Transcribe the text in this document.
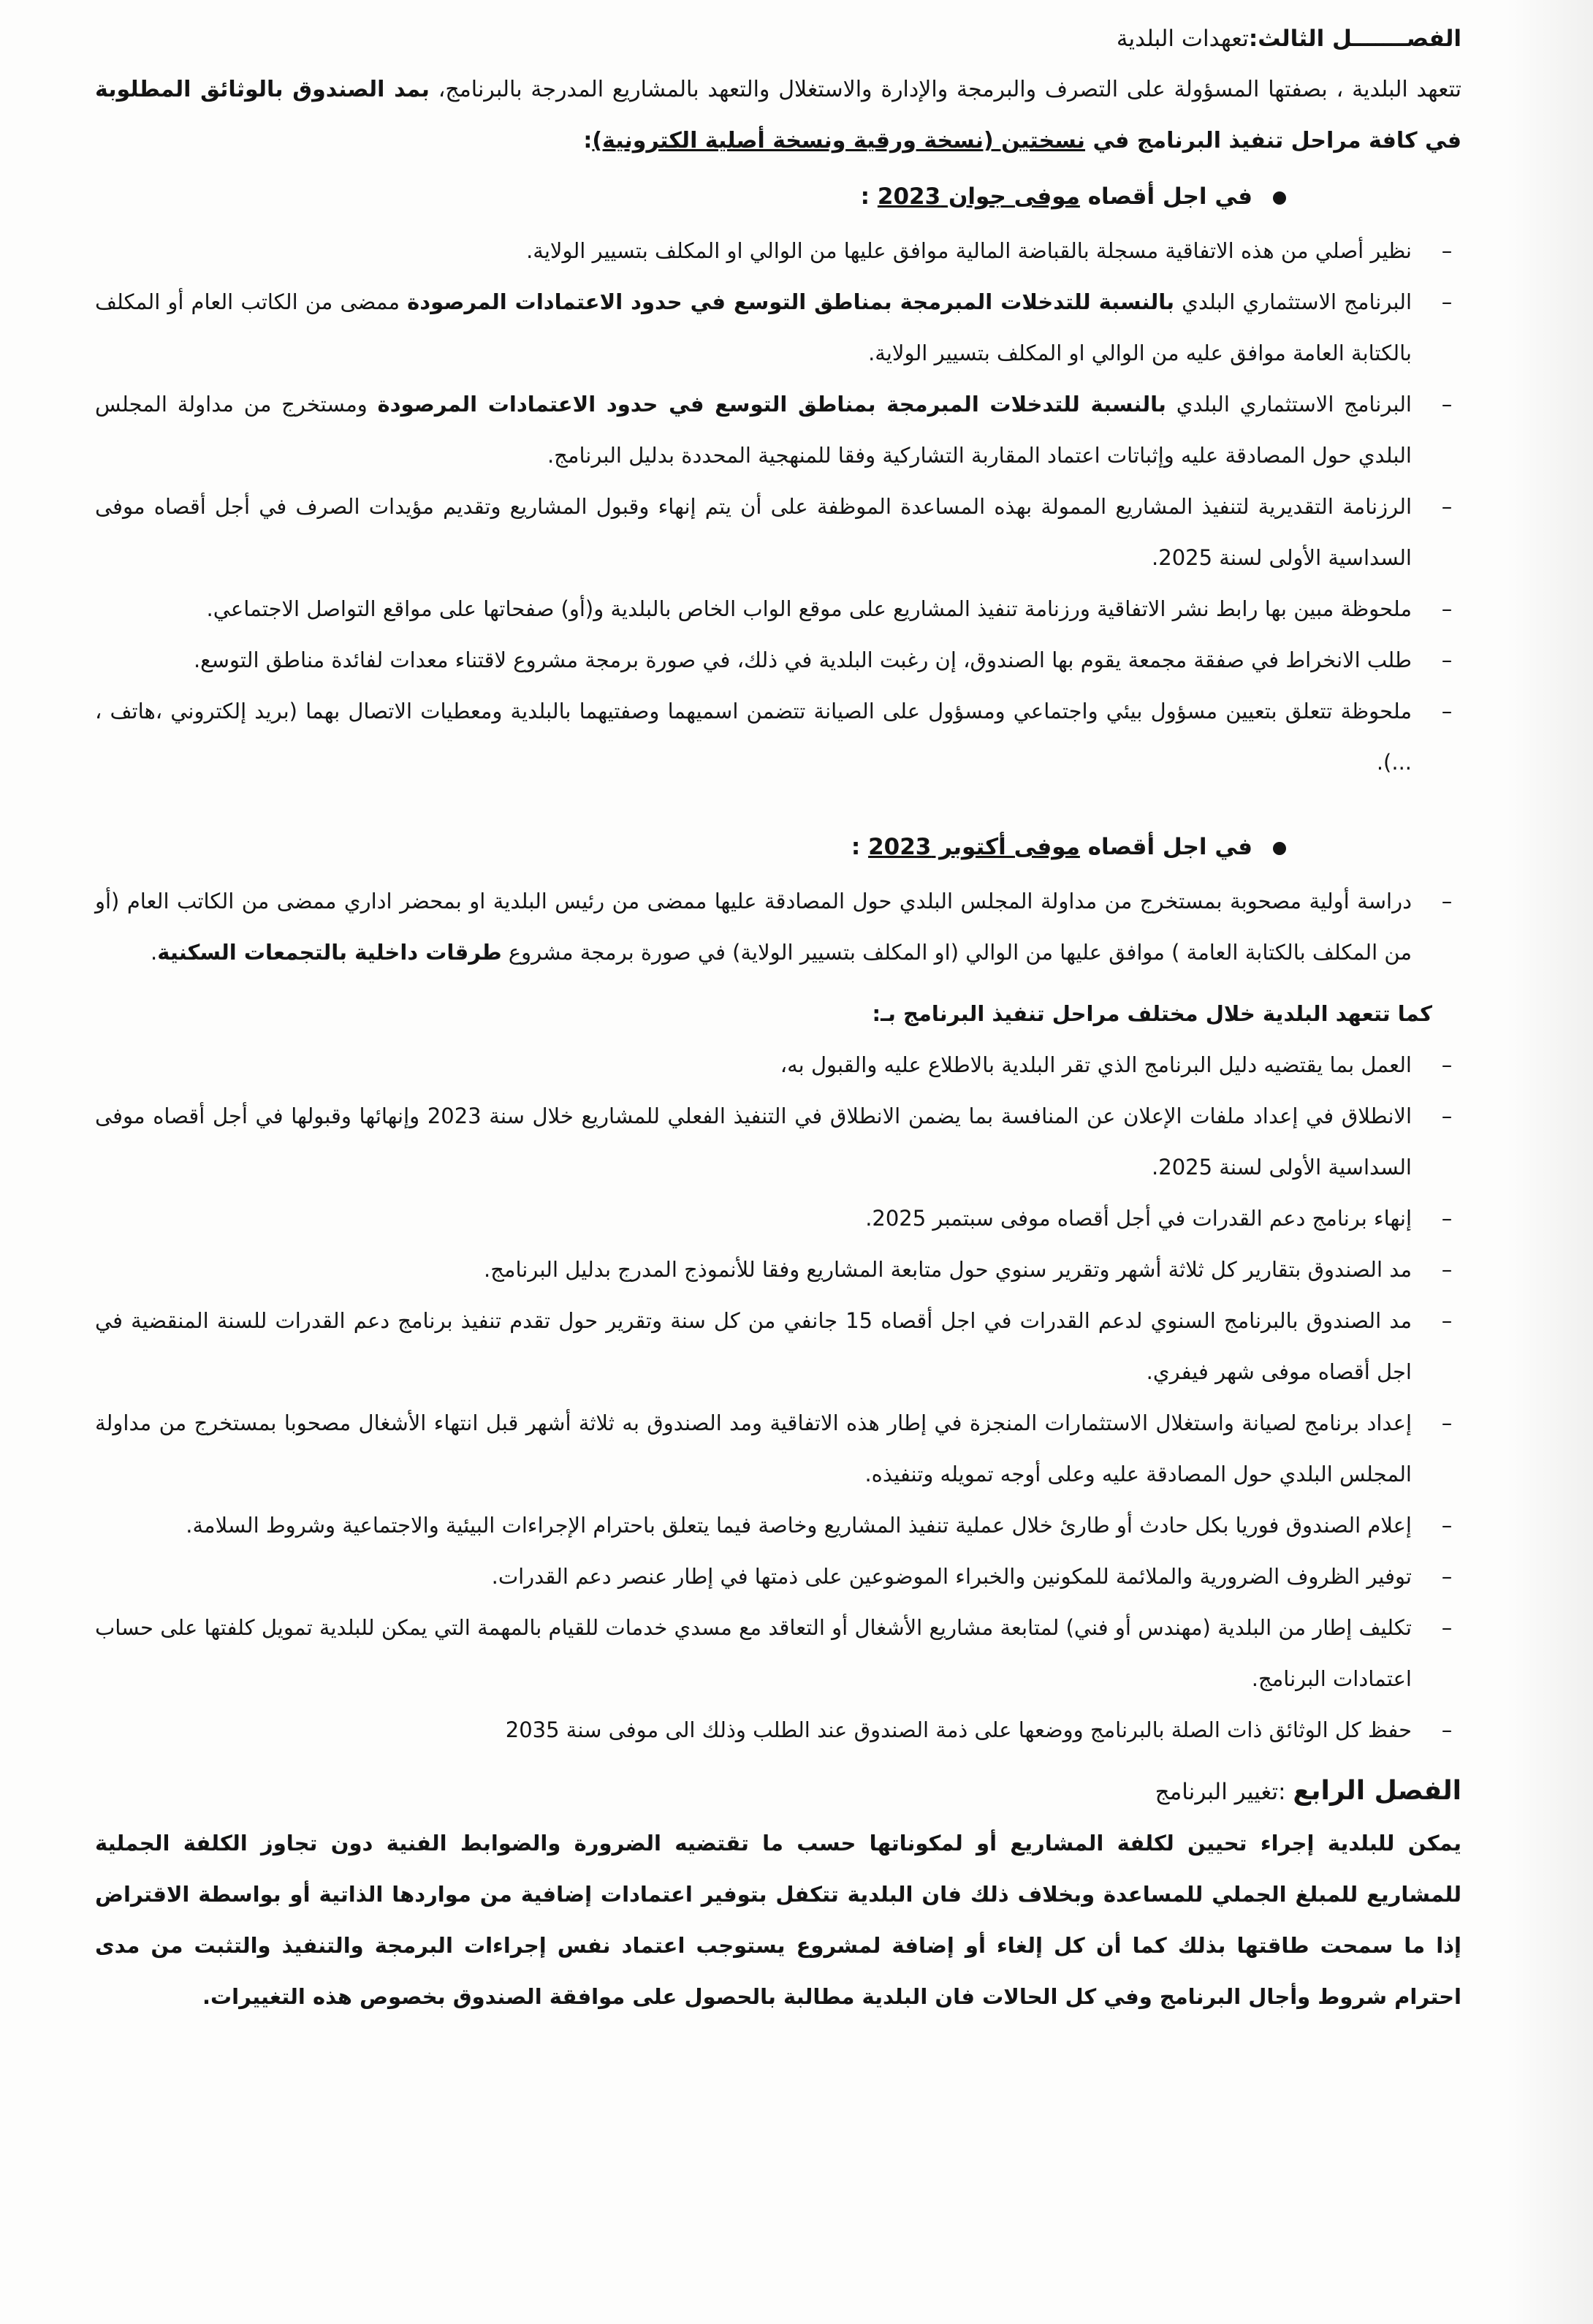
الفصـــــــل الثالث:تعهدات البلدية

تتعهد البلدية ، بصفتها المسؤولة على التصرف والبرمجة والإدارة والاستغلال والتعهد بالمشاريع المدرجة بالبرنامج، بمد الصندوق بالوثائق المطلوبة في كافة مراحل تنفيذ البرنامج في نسختين (نسخة ورقية ونسخة أصلية الكترونية):

في اجل أقصاه موفى جوان 2023 :
–
نظير أصلي من هذه الاتفاقية مسجلة بالقباضة المالية موافق عليها من الوالي او المكلف بتسيير الولاية.
–
البرنامج الاستثماري البلدي بالنسبة للتدخلات المبرمجة بمناطق التوسع في حدود الاعتمادات المرصودة ممضى من الكاتب العام أو المكلف بالكتابة العامة موافق عليه من الوالي او المكلف بتسيير الولاية.
–
البرنامج الاستثماري البلدي بالنسبة للتدخلات المبرمجة بمناطق التوسع في حدود الاعتمادات المرصودة ومستخرج من مداولة المجلس البلدي حول المصادقة عليه وإثباتات اعتماد المقاربة التشاركية وفقا للمنهجية المحددة بدليل البرنامج.
–
الرزنامة التقديرية لتنفيذ المشاريع الممولة بهذه المساعدة الموظفة على أن يتم إنهاء وقبول المشاريع وتقديم مؤيدات الصرف في أجل أقصاه موفى السداسية الأولى لسنة 2025.
–
ملحوظة مبين بها رابط نشر الاتفاقية ورزنامة تنفيذ المشاريع على موقع الواب الخاص بالبلدية و(أو) صفحاتها على مواقع التواصل الاجتماعي.
–
طلب الانخراط في صفقة مجمعة يقوم بها الصندوق، إن رغبت البلدية في ذلك، في صورة برمجة مشروع لاقتناء معدات لفائدة مناطق التوسع.
–
ملحوظة تتعلق بتعيين مسؤول بيئي واجتماعي ومسؤول على الصيانة تتضمن اسميهما وصفتيهما بالبلدية ومعطيات الاتصال بهما (بريد إلكتروني ،هاتف ، ...).
في اجل أقصاه موفى أكتوبر 2023 :
–
دراسة أولية مصحوبة بمستخرج من مداولة المجلس البلدي حول المصادقة عليها ممضى من رئيس البلدية او بمحضر اداري ممضى من الكاتب العام (أو من المكلف بالكتابة العامة ) موافق عليها من الوالي (او المكلف بتسيير الولاية) في صورة برمجة مشروع طرقات داخلية بالتجمعات السكنية.

كما تتعهد البلدية خلال مختلف مراحل تنفيذ البرنامج بـ:

–
العمل بما يقتضيه دليل البرنامج الذي تقر البلدية بالاطلاع عليه والقبول به،
–
الانطلاق في إعداد ملفات الإعلان عن المنافسة بما يضمن الانطلاق في التنفيذ الفعلي للمشاريع خلال سنة 2023 وإنهائها وقبولها في أجل أقصاه موفى السداسية الأولى لسنة 2025.
–
إنهاء برنامج دعم القدرات في أجل أقصاه موفى سبتمبر 2025.
–
مد الصندوق بتقارير كل ثلاثة أشهر وتقرير سنوي حول متابعة المشاريع وفقا للأنموذج المدرج بدليل البرنامج.
–
مد الصندوق بالبرنامج السنوي لدعم القدرات في اجل أقصاه 15 جانفي من كل سنة وتقرير حول تقدم تنفيذ برنامج دعم القدرات للسنة المنقضية في اجل أقصاه موفى شهر فيفري.
–
إعداد برنامج لصيانة واستغلال الاستثمارات المنجزة في إطار هذه الاتفاقية ومد الصندوق به ثلاثة أشهر قبل انتهاء الأشغال مصحوبا بمستخرج من مداولة المجلس البلدي حول المصادقة عليه وعلى أوجه تمويله وتنفيذه.
–
إعلام الصندوق فوريا بكل حادث أو طارئ خلال عملية تنفيذ المشاريع وخاصة فيما يتعلق باحترام الإجراءات البيئية والاجتماعية وشروط السلامة.
–
توفير الظروف الضرورية والملائمة للمكونين والخبراء الموضوعين على ذمتها في إطار عنصر دعم القدرات.
–
تكليف إطار من البلدية (مهندس أو فني) لمتابعة مشاريع الأشغال أو التعاقد مع مسدي خدمات للقيام بالمهمة التي يمكن للبلدية تمويل كلفتها على حساب اعتمادات البرنامج.
–
حفظ كل الوثائق ذات الصلة بالبرنامج ووضعها على ذمة الصندوق عند الطلب وذلك الى موفى سنة 2035
الفصل الرابع :تغيير البرنامج

يمكن للبلدية إجراء تحيين لكلفة المشاريع أو لمكوناتها حسب ما تقتضيه الضرورة والضوابط الفنية دون تجاوز الكلفة الجملية للمشاريع للمبلغ الجملي للمساعدة وبخلاف ذلك فان البلدية تتكفل بتوفير اعتمادات إضافية من مواردها الذاتية أو بواسطة الاقتراض إذا ما سمحت طاقتها بذلك كما أن كل إلغاء أو إضافة لمشروع يستوجب اعتماد نفس إجراءات البرمجة والتنفيذ والتثبت من مدى احترام شروط وأجال البرنامج وفي كل الحالات فان البلدية مطالبة بالحصول على موافقة الصندوق بخصوص هذه التغييرات.
